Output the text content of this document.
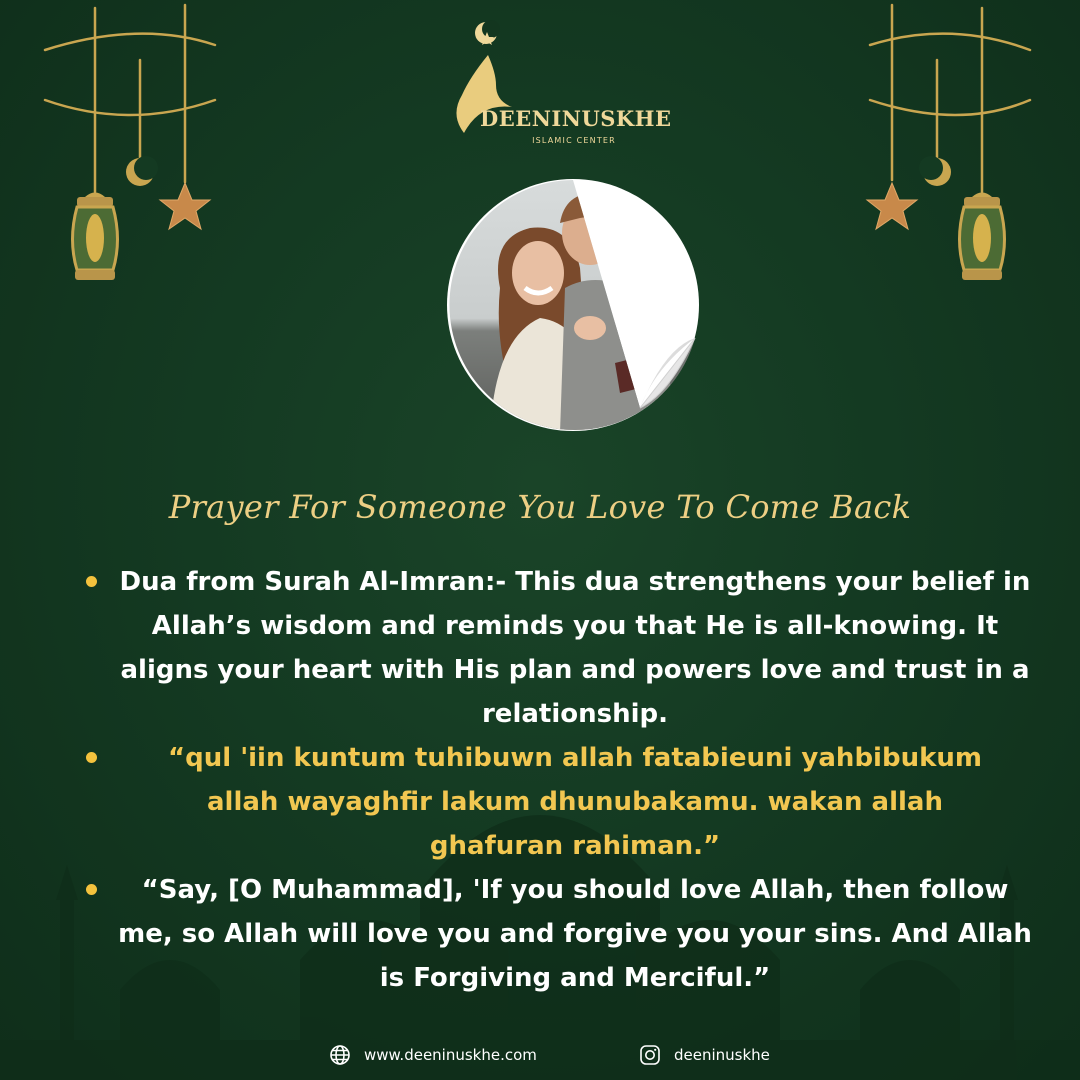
DEENINUSKHE
ISLAMIC CENTER
Prayer For Someone You Love To Come Back
Dua from Surah Al-Imran:- This dua strengthens your belief in Allah’s wisdom and reminds you that He is all-knowing. It aligns your heart with His plan and powers love and trust in a relationship.
“qul 'iin kuntum tuhibuwn allah fatabieuni yahbibukum allah wayaghfir lakum dhunubakamu. wakan allah ghafuran rahiman.”
“Say, [O Muhammad], 'If you should love Allah, then follow me, so Allah will love you and forgive you your sins. And Allah is Forgiving and Merciful.”
www.deeninuskhe.com	deeninuskhe
